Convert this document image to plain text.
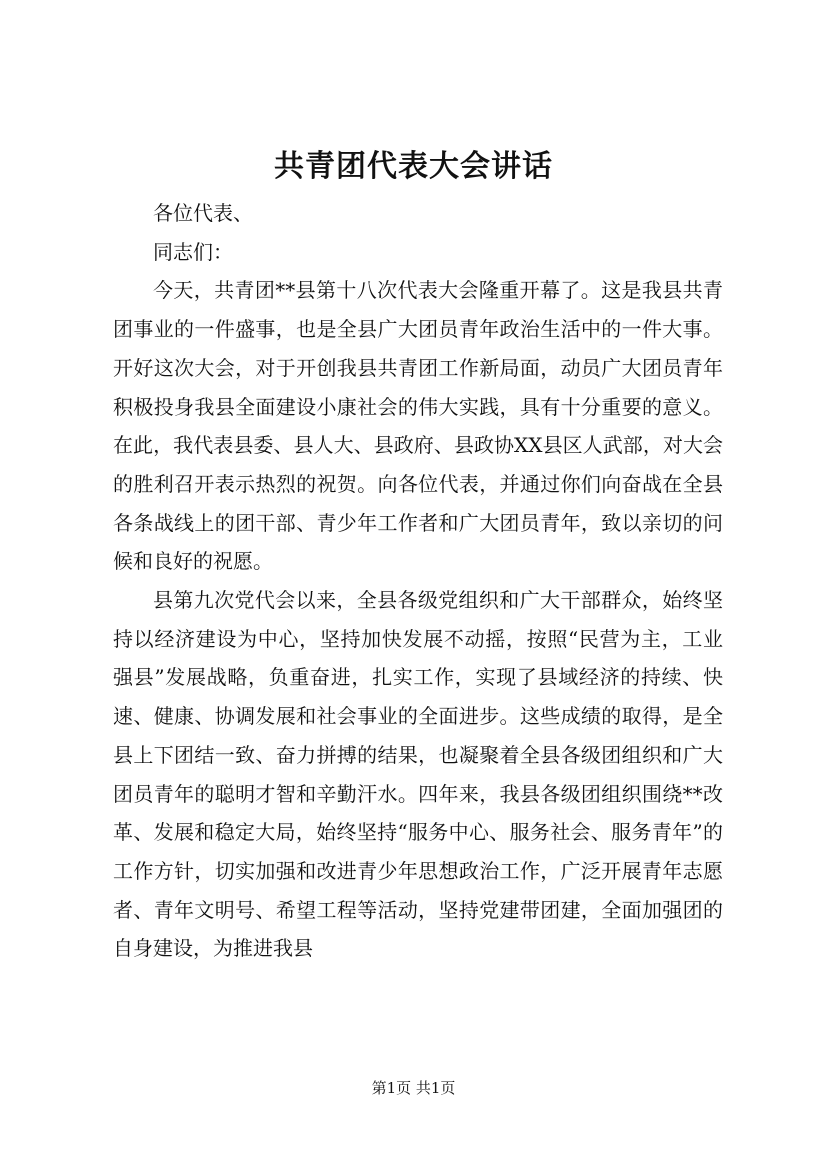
共青团代表大会讲话

各位代表、

同志们：

今天，共青团**县第十八次代表大会隆重开幕了。这是我县共青团事业的一件盛事，也是全县广大团员青年政治生活中的一件大事。开好这次大会，对于开创我县共青团工作新局面，动员广大团员青年积极投身我县全面建设小康社会的伟大实践，具有十分重要的意义。在此，我代表县委、县人大、县政府、县政协XX县区人武部，对大会的胜利召开表示热烈的祝贺。向各位代表，并通过你们向奋战在全县各条战线上的团干部、青少年工作者和广大团员青年，致以亲切的问候和良好的祝愿。

县第九次党代会以来，全县各级党组织和广大干部群众，始终坚持以经济建设为中心，坚持加快发展不动摇，按照“民营为主，工业强县”发展战略，负重奋进，扎实工作，实现了县域经济的持续、快速、健康、协调发展和社会事业的全面进步。这些成绩的取得，是全县上下团结一致、奋力拼搏的结果，也凝聚着全县各级团组织和广大团员青年的聪明才智和辛勤汗水。四年来，我县各级团组织围绕**改革、发展和稳定大局，始终坚持“服务中心、服务社会、服务青年”的工作方针，切实加强和改进青少年思想政治工作，广泛开展青年志愿者、青年文明号、希望工程等活动，坚持党建带团建，全面加强团的自身建设，为推进我县

第1页 共1页
